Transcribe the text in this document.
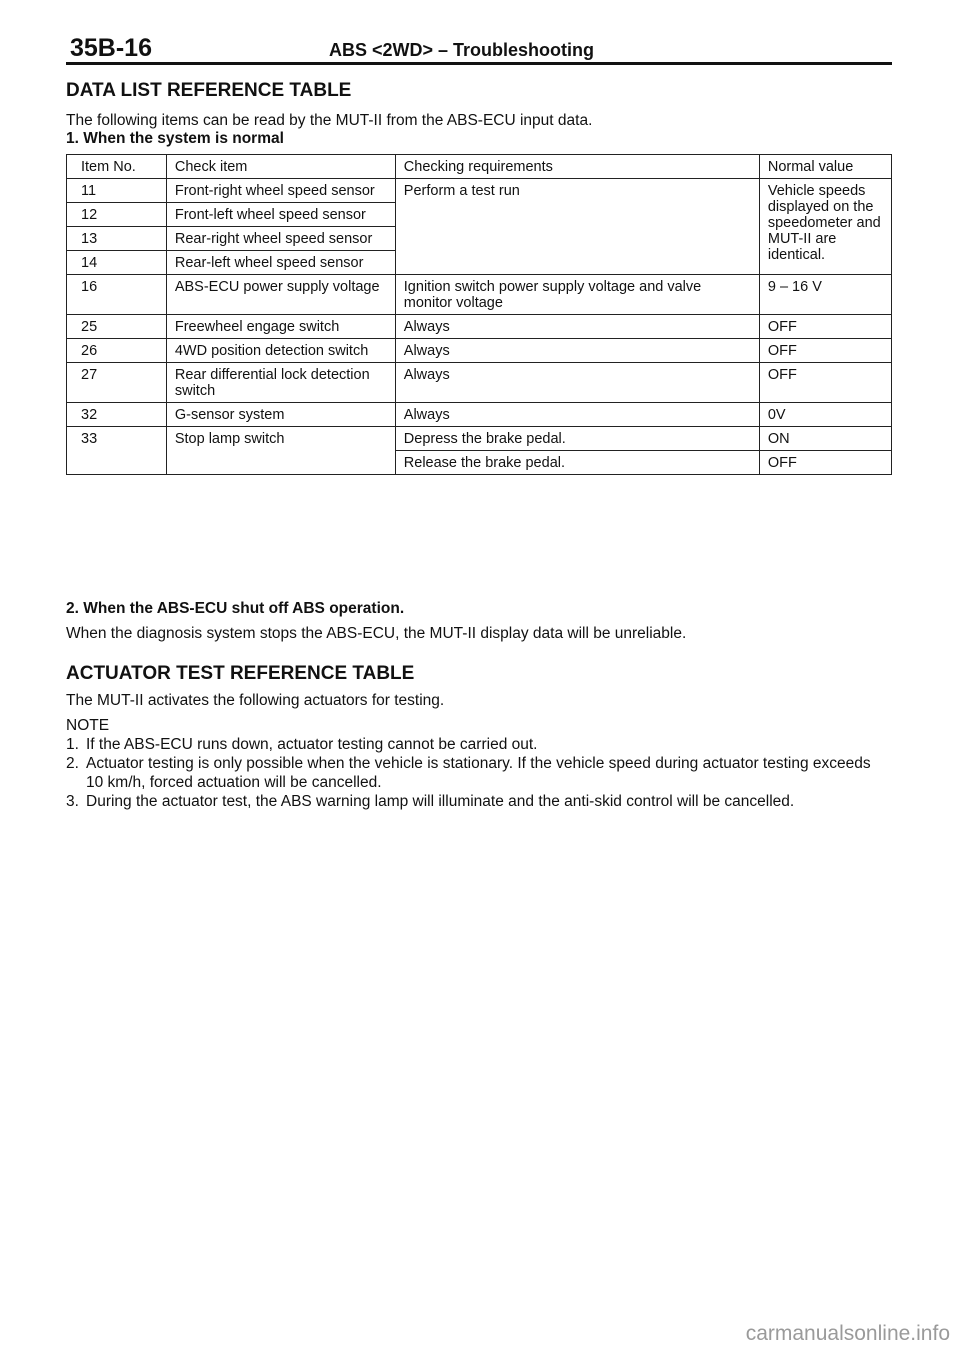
35B-16	ABS <2WD> – Troubleshooting
DATA LIST REFERENCE TABLE
The following items can be read by the MUT-II from the ABS-ECU input data.
1. When the system is normal
Item No.	Check item	Checking requirements	Normal value
11	Front-right wheel speed sensor	Perform a test run	Vehicle speeds displayed on the speedometer and MUT-II are identical.
12	Front-left wheel speed sensor		
13	Rear-right wheel speed sensor		
14	Rear-left wheel speed sensor		
16	ABS-ECU power supply voltage	Ignition switch power supply voltage and valve monitor voltage	9 – 16 V
25	Freewheel engage switch	Always	OFF
26	4WD position detection switch	Always	OFF
27	Rear differential lock detection switch	Always	OFF
32	G-sensor system	Always	0V
33	Stop lamp switch	Depress the brake pedal.	ON
		Release the brake pedal.	OFF
2. When the ABS-ECU shut off ABS operation.
When the diagnosis system stops the ABS-ECU, the MUT-II display data will be unreliable.
ACTUATOR TEST REFERENCE TABLE
The MUT-II activates the following actuators for testing.
NOTE
1. If the ABS-ECU runs down, actuator testing cannot be carried out.
2. Actuator testing is only possible when the vehicle is stationary. If the vehicle speed during actuator testing exceeds 10 km/h, forced actuation will be cancelled.
3. During the actuator test, the ABS warning lamp will illuminate and the anti-skid control will be cancelled.
carmanualsonline.info
